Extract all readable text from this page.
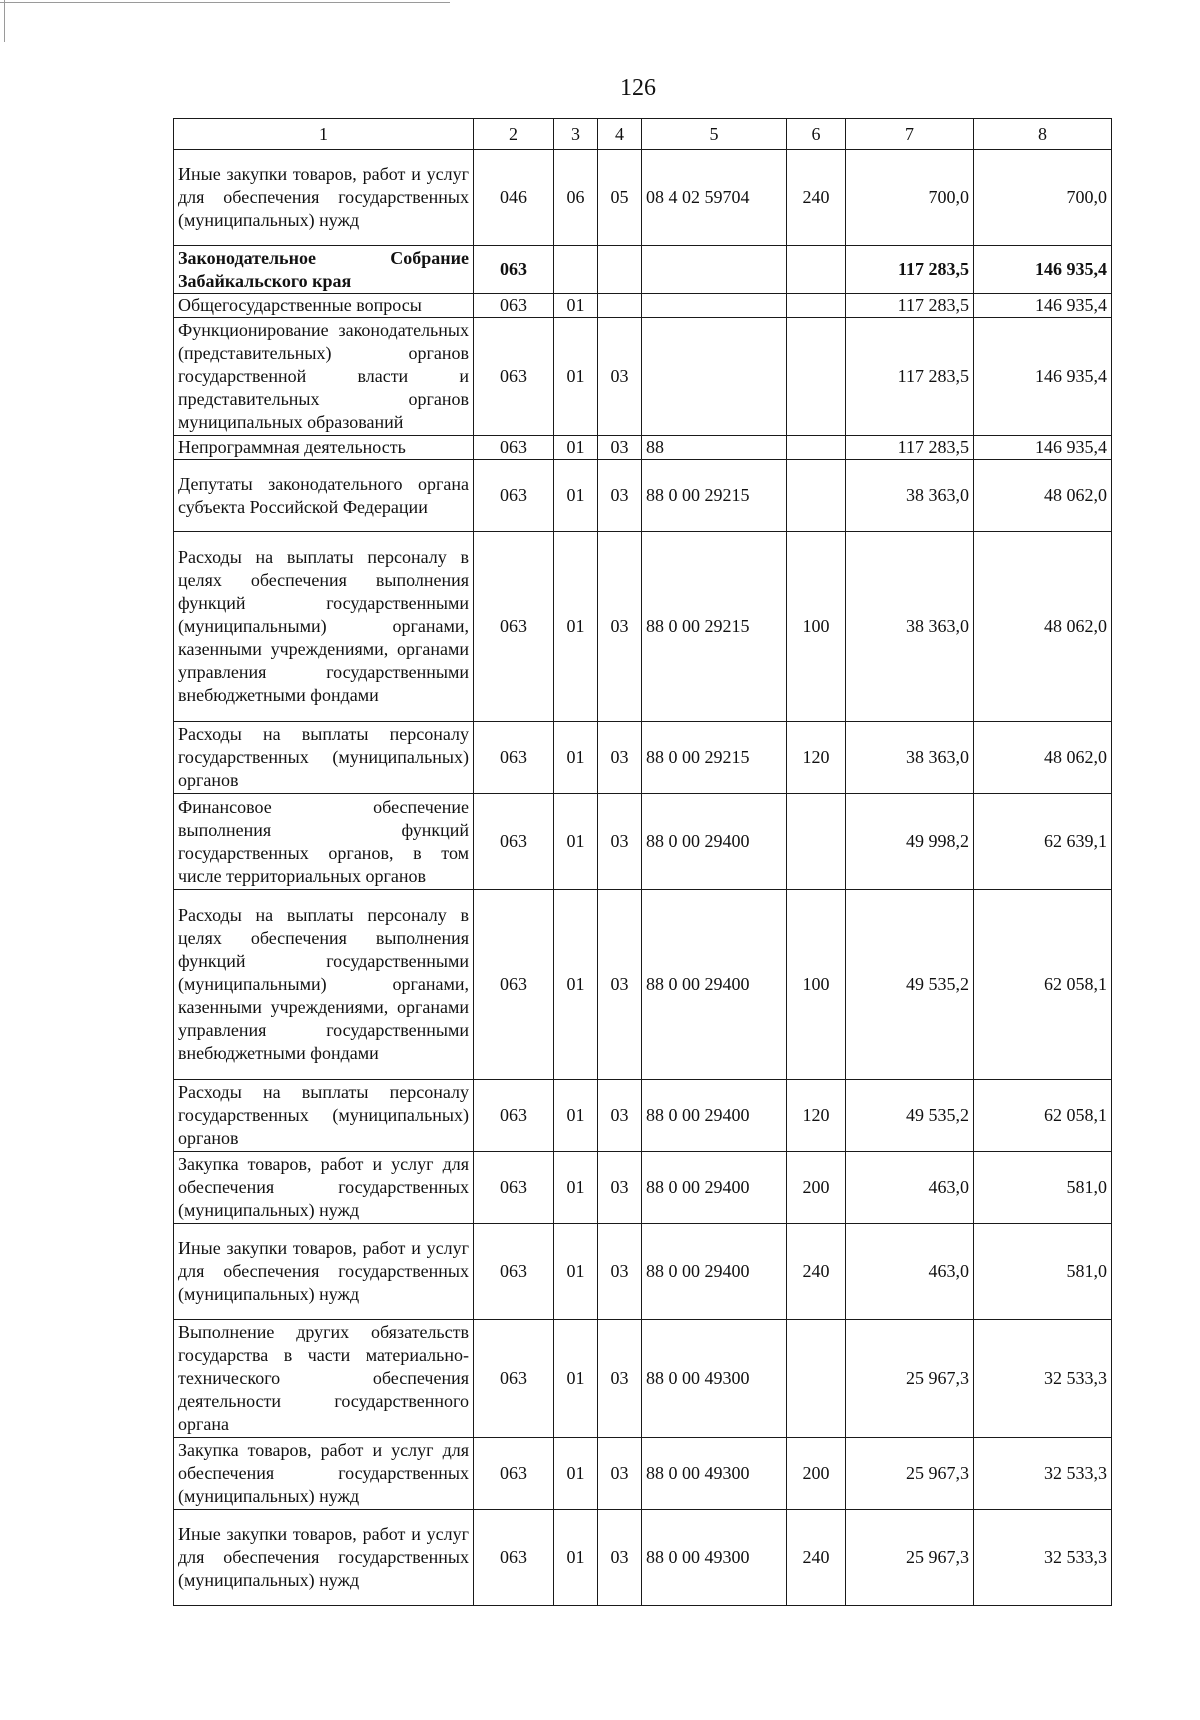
126
1	2	3	4	5	6	7	8
Иные закупки товаров, работ и услуг для обеспечения государственных (муниципальных) нужд	046	06	05	08 4 02 59704	240	700,0	700,0
Законодательное Собрание Забайкальского края	063					117 283,5	146 935,4
Общегосударственные вопросы	063	01				117 283,5	146 935,4
Функционирование законодательных (представительных) органов государственной власти и представительных органов муниципальных образований	063	01	03			117 283,5	146 935,4
Непрограммная деятельность	063	01	03	88		117 283,5	146 935,4
Депутаты законодательного органа субъекта Российской Федерации	063	01	03	88 0 00 29215		38 363,0	48 062,0
Расходы на выплаты персоналу в целях обеспечения выполнения функций государственными (муниципальными) органами, казенными учреждениями, органами управления государственными внебюджетными фондами	063	01	03	88 0 00 29215	100	38 363,0	48 062,0
Расходы на выплаты персоналу государственных (муниципальных) органов	063	01	03	88 0 00 29215	120	38 363,0	48 062,0
Финансовое обеспечение выполнения функций государственных органов, в том числе территориальных органов	063	01	03	88 0 00 29400		49 998,2	62 639,1
Расходы на выплаты персоналу в целях обеспечения выполнения функций государственными (муниципальными) органами, казенными учреждениями, органами управления государственными внебюджетными фондами	063	01	03	88 0 00 29400	100	49 535,2	62 058,1
Расходы на выплаты персоналу государственных (муниципальных) органов	063	01	03	88 0 00 29400	120	49 535,2	62 058,1
Закупка товаров, работ и услуг для обеспечения государственных (муниципальных) нужд	063	01	03	88 0 00 29400	200	463,0	581,0
Иные закупки товаров, работ и услуг для обеспечения государственных (муниципальных) нужд	063	01	03	88 0 00 29400	240	463,0	581,0
Выполнение других обязательств государства в части материально-технического обеспечения деятельности государственного органа	063	01	03	88 0 00 49300		25 967,3	32 533,3
Закупка товаров, работ и услуг для обеспечения государственных (муниципальных) нужд	063	01	03	88 0 00 49300	200	25 967,3	32 533,3
Иные закупки товаров, работ и услуг для обеспечения государственных (муниципальных) нужд	063	01	03	88 0 00 49300	240	25 967,3	32 533,3
